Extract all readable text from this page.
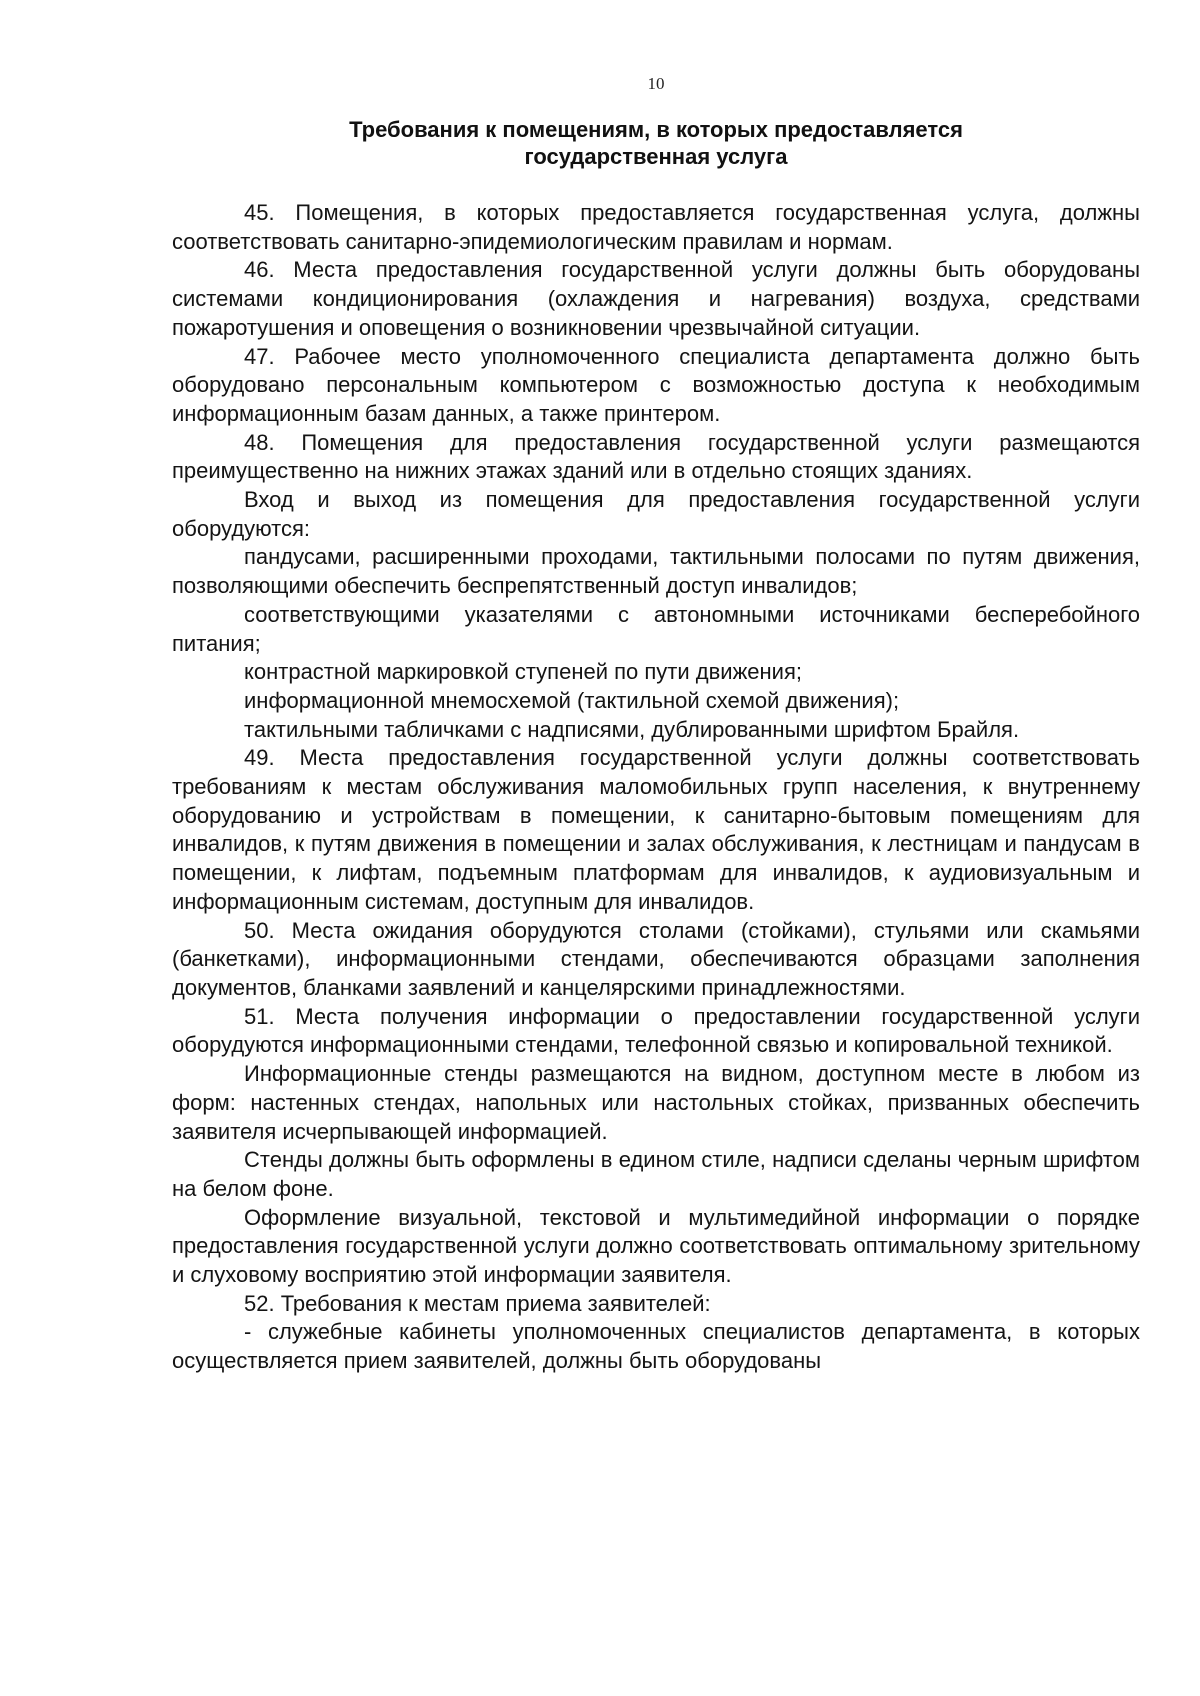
10
Требования к помещениям, в которых предоставляется
государственная услуга

45. Помещения, в которых предоставляется государственная услуга, должны соответствовать санитарно-эпидемиологическим правилам и нормам.

46. Места предоставления государственной услуги должны быть оборудованы системами кондиционирования (охлаждения и нагревания) воздуха, средствами пожаротушения и оповещения о возникновении чрезвычайной ситуации.

47. Рабочее место уполномоченного специалиста департамента должно быть оборудовано персональным компьютером с возможностью доступа к необходимым информационным базам данных, а также принтером.

48. Помещения для предоставления государственной услуги размещаются преимущественно на нижних этажах зданий или в отдельно стоящих зданиях.

Вход и выход из помещения для предоставления государственной услуги оборудуются:

пандусами, расширенными проходами, тактильными полосами по путям движения, позволяющими обеспечить беспрепятственный доступ инвалидов;

соответствующими указателями с автономными источниками бесперебойного питания;

контрастной маркировкой ступеней по пути движения;

информационной мнемосхемой (тактильной схемой движения);

тактильными табличками с надписями, дублированными шрифтом Брайля.

49. Места предоставления государственной услуги должны соответствовать требованиям к местам обслуживания маломобильных групп населения, к внутреннему оборудованию и устройствам в помещении, к санитарно-бытовым помещениям для инвалидов, к путям движения в помещении и залах обслуживания, к лестницам и пандусам в помещении, к лифтам, подъемным платформам для инвалидов, к аудиовизуальным и информационным системам, доступным для инвалидов.

50. Места ожидания оборудуются столами (стойками), стульями или скамьями (банкетками), информационными стендами, обеспечиваются образцами заполнения документов, бланками заявлений и канцелярскими принадлежностями.

51. Места получения информации о предоставлении государственной услуги оборудуются информационными стендами, телефонной связью и копировальной техникой.

Информационные стенды размещаются на видном, доступном месте в любом из форм: настенных стендах, напольных или настольных стойках, призванных обеспечить заявителя исчерпывающей информацией.

Стенды должны быть оформлены в едином стиле, надписи сделаны черным шрифтом на белом фоне.

Оформление визуальной, текстовой и мультимедийной информации о порядке предоставления государственной услуги должно соответствовать оптимальному зрительному и слуховому восприятию этой информации заявителя.

52. Требования к местам приема заявителей:

- служебные кабинеты уполномоченных специалистов департамента, в которых осуществляется прием заявителей, должны быть оборудованы
